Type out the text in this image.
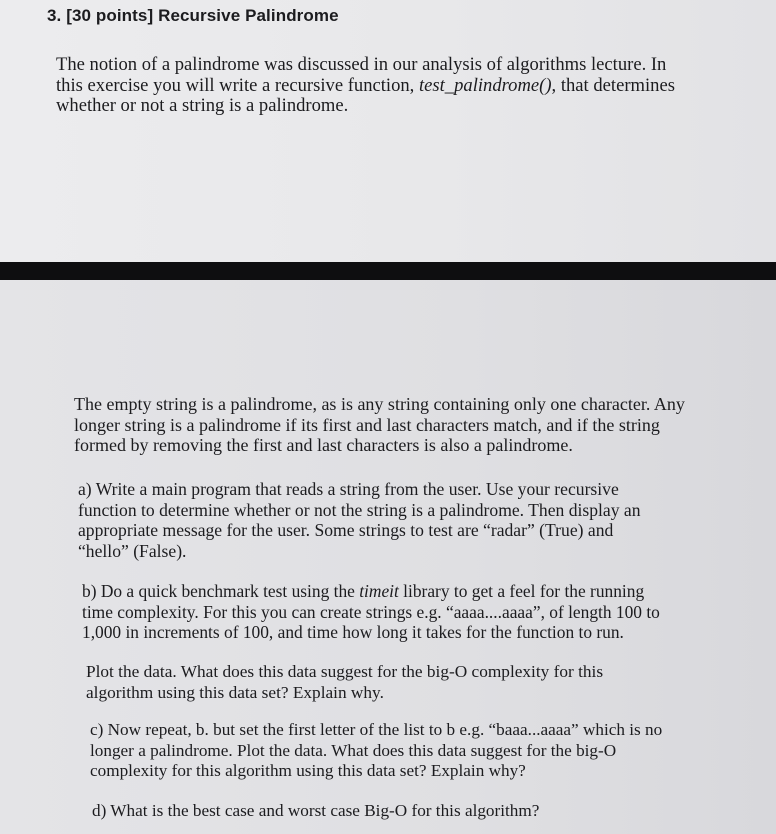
3. [30 points] Recursive Palindrome

The notion of a palindrome was discussed in our analysis of algorithms lecture. In
this exercise you will write a recursive function, test_palindrome(), that determines
whether or not a string is a palindrome.

The empty string is a palindrome, as is any string containing only one character. Any
longer string is a palindrome if its first and last characters match, and if the string
formed by removing the first and last characters is also a palindrome.

a) Write a main program that reads a string from the user. Use your recursive
function to determine whether or not the string is a palindrome. Then display an
appropriate message for the user. Some strings to test are “radar” (True) and
“hello” (False).

b) Do a quick benchmark test using the timeit library to get a feel for the running
time complexity. For this you can create strings e.g. “aaaa....aaaa”, of length 100 to
1,000 in increments of 100, and time how long it takes for the function to run.

Plot the data. What does this data suggest for the big-O complexity for this
algorithm using this data set? Explain why.

c) Now repeat, b. but set the first letter of the list to b e.g. “baaa...aaaa” which is no
longer a palindrome. Plot the data. What does this data suggest for the big-O
complexity for this algorithm using this data set? Explain why?

d) What is the best case and worst case Big-O for this algorithm?
